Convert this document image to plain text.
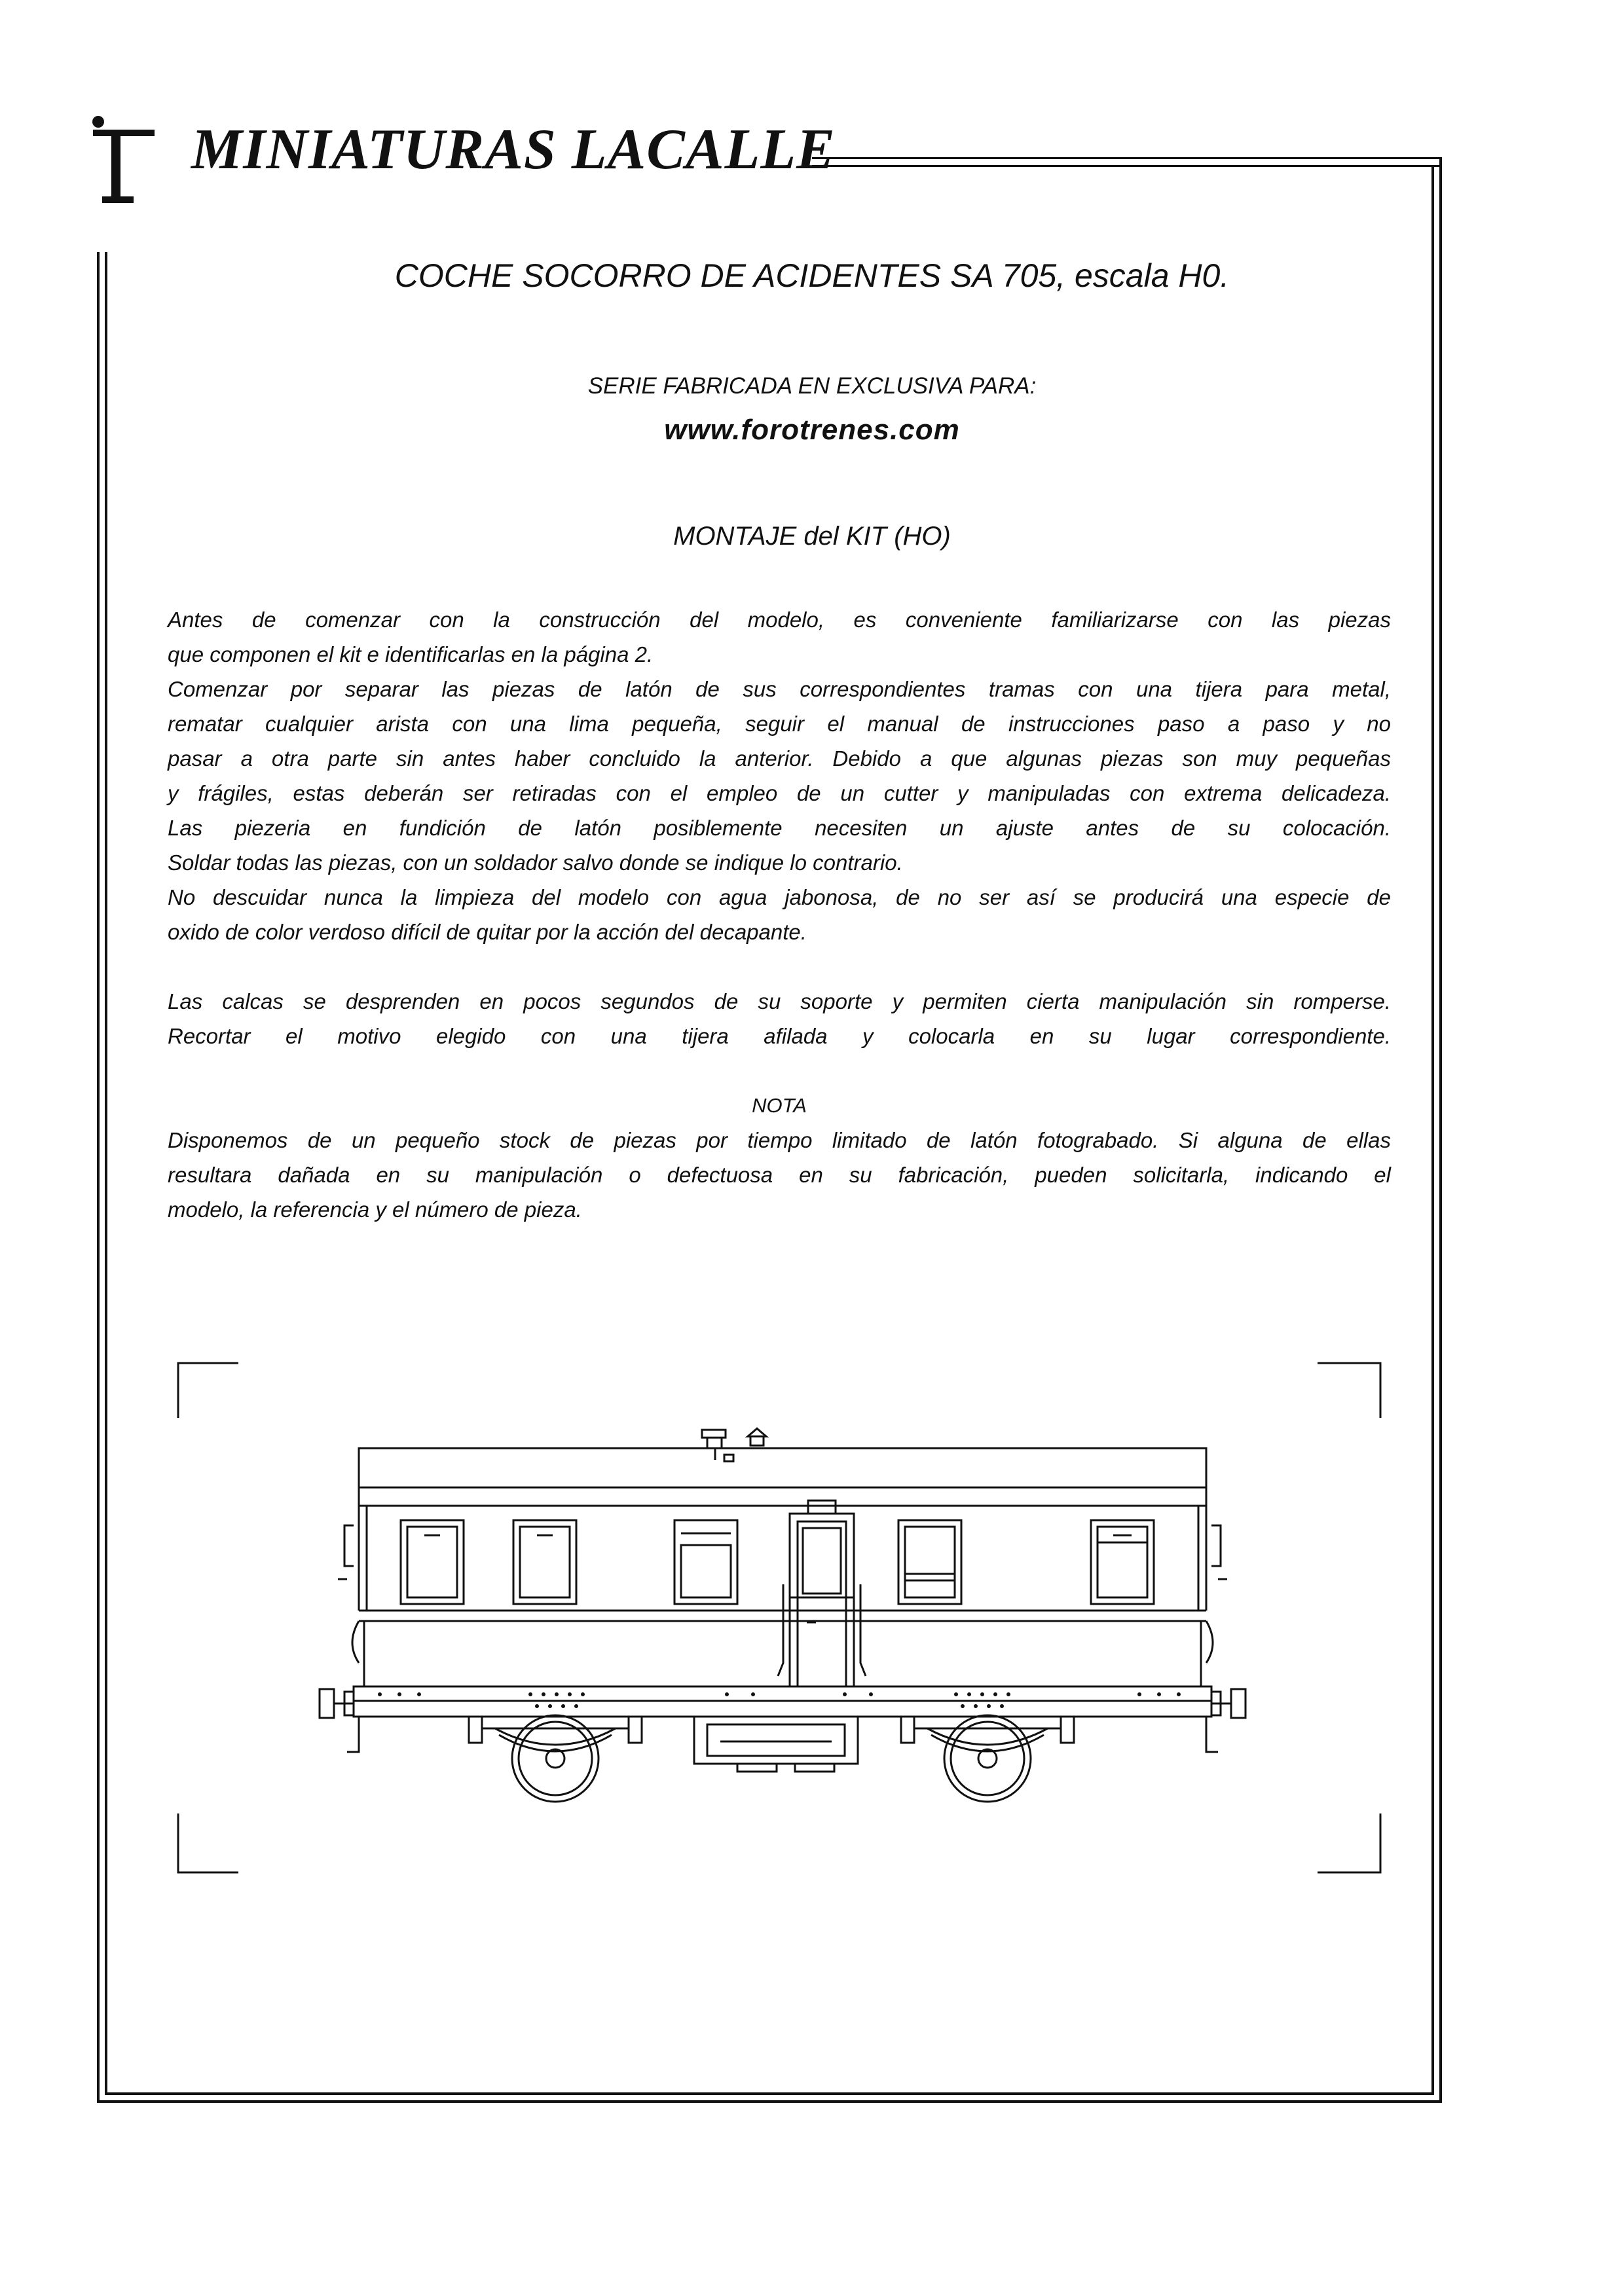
MINIATURAS LACALLE
COCHE SOCORRO DE ACIDENTES SA 705, escala H0.
SERIE FABRICADA EN EXCLUSIVA PARA:
www.forotrenes.com
MONTAJE del KIT (HO)

Antes de comenzar con la construcción del modelo, es conveniente familiarizarse con las piezas

que componen el kit e identificarlas en la página 2.

Comenzar por separar las piezas de latón de sus correspondientes tramas con una tijera para metal,

rematar cualquier arista con una lima pequeña, seguir el manual de instrucciones paso a paso y no

pasar a otra parte sin antes haber concluido la anterior. Debido a que algunas piezas son muy pequeñas

y frágiles, estas deberán ser retiradas con el empleo de un cutter y manipuladas con extrema delicadeza.

Las piezeria en fundición de latón posiblemente necesiten un ajuste antes de su colocación.

Soldar todas las piezas, con un soldador salvo donde se indique lo contrario.

No descuidar nunca la limpieza del modelo con agua jabonosa, de no ser así se producirá una especie de

oxido de color verdoso difícil de quitar por la acción del decapante.

Las calcas se desprenden en pocos segundos de su soporte y permiten cierta manipulación sin romperse.

Recortar el motivo elegido con una tijera afilada y colocarla en su lugar correspondiente.

NOTA

Disponemos de un pequeño stock de piezas por tiempo limitado de latón fotograbado. Si alguna de ellas

resultara dañada en su manipulación o defectuosa en su fabricación, pueden solicitarla, indicando el

modelo, la referencia y el número de pieza.
